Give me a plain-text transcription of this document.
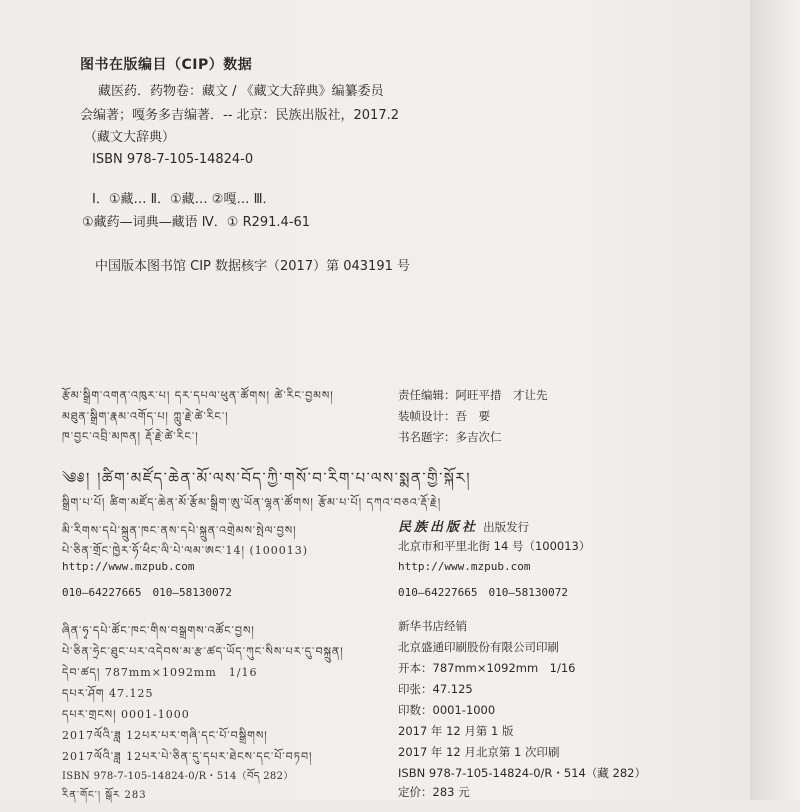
图书在版编目（CIP）数据
藏医药．药物卷：藏文 / 《藏文大辞典》编纂委员
会编著；嘎务多吉编著．-- 北京：民族出版社，2017.2
（藏文大辞典）
ISBN 978-7-105-14824-0
Ⅰ．①藏… Ⅱ．①藏… ②嘎… Ⅲ．
①藏药—词典—藏语 Ⅳ．① R291.4-61
中国版本图书馆 CIP 数据核字（2017）第 043191 号
རྩོམ་སྒྲིག་འགན་འཁུར་པ། དར་དཔལ་ཕུན་ཚོགས། ཚེ་རིང་བྱམས།
མཐུན་སྒྲིག་རྣམ་འགོད་པ། ཀླུ་རྗེ་ཚེ་རིང་།
ཁ་བྱང་འབྲི་མཁན། རྡོ་རྗེ་ཚེ་རིང་།
责任编辑：阿旺平措　才让先
装帧设计：吾　要
书名题字：多吉次仁
༄༅། །ཚིག་མཛོད་ཆེན་མོ་ལས་བོད་ཀྱི་གསོ་བ་རིག་པ་ལས་སྨན་གྱི་སྐོར།
སྒྲིག་པ་པོ། ཚིག་མཛོད་ཆེན་མོ་རྩོམ་སྒྲིག་ཨུ་ཡོན་ལྷན་ཚོགས། རྩོམ་པ་པོ། དཀའ་བཅའ་རྡོ་རྗེ།
མི་རིགས་དཔེ་སྐྲུན་ཁང་ནས་དཔེ་སྐྲུན་འགྲེམས་སྤེལ་བྱས།
པེ་ཅིན་གྲོང་ཁྱེར་ཧོ་ཕིང་ལི་པེ་ལམ་ཨང་14། (100013)
http://www.mzpub.com
010—64227665　010—58130072
民族出版社 出版发行
北京市和平里北街 14 号（100013）
http://www.mzpub.com
010—64227665　010—58130072
ཞིན་ཧྭ་དཔེ་ཚོང་ཁང་གིས་བསྒྲགས་འཚོང་བྱས།
པེ་ཅིན་ཧྲེང་ཐུང་པར་འདེབས་མ་རྩ་ཚད་ཡོད་ཀུང་སིས་པར་དུ་བསྐྲུན།
དེབ་ཚད། 787mm×1092mm　1/16
དཔར་ཤོག 47.125
དཔར་གྲངས། 0001-1000
2017ལོའི་ཟླ 12པར་པར་གཞི་དང་པོ་བསྒྲིགས།
2017ལོའི་ཟླ 12པར་པེ་ཅིན་དུ་དཔར་ཐེངས་དང་པོ་བཏབ།
ISBN 978-7-105-14824-0/R・514（བོད 282）
རིན་གོང་། སྒོར 283
新华书店经销
北京盛通印刷股份有限公司印刷
开本：787mm×1092mm　1/16
印张：47.125
印数：0001-1000
2017 年 12 月第 1 版
2017 年 12 月北京第 1 次印刷
ISBN 978-7-105-14824-0/R・514（藏 282）
定价：283 元
